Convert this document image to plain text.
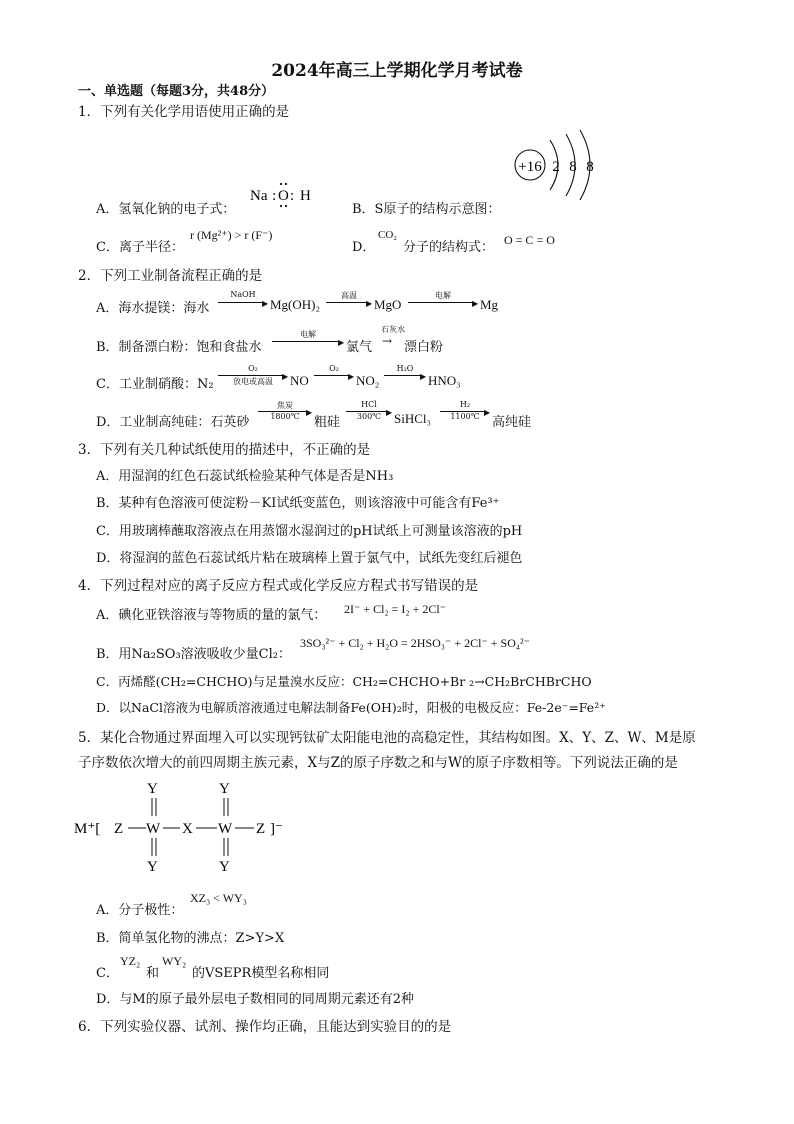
2024年高三上学期化学月考试卷
一、单选题（每题3分，共48分）
1．下列有关化学用语使用正确的是
+16 2 8 8
A．氢氧化钠的电子式：
Na : O : H
B．S原子的结构示意图：
C．离子半径：
r (Mg²⁺) > r (F⁻)
D．
CO₂
分子的结构式： O = C = O
2．下列工业制备流程正确的是
A．海水提镁：海水
NaOH
▶ Mg(OH)₂
高温
▶ MgO
电解
▶ Mg
B．制备漂白粉：饱和食盐水
电解
▶ 氯气
石灰水
→ 漂白粉
C．工业制硝酸：N₂
O₂
▶
放电或高温	NO
O₂
▶ NO₂
H₂O
▶ HNO₃
D．工业制高纯硅：石英砂
焦炭
▶
1800℃	粗硅
HCl
▶
300℃ SiHCl₃
H₂
▶
1100℃ 高纯硅
3．下列有关几种试纸使用的描述中，不正确的是
A．用湿润的红色石蕊试纸检验某种气体是否是NH₃
B．某种有色溶液可使淀粉－KI试纸变蓝色，则该溶液中可能含有Fe³⁺
C．用玻璃棒蘸取溶液点在用蒸馏水湿润过的pH试纸上可测量该溶液的pH
D．将湿润的蓝色石蕊试纸片粘在玻璃棒上置于氯气中，试纸先变红后褪色
4．下列过程对应的离子反应方程式或化学反应方程式书写错误的是
A．碘化亚铁溶液与等物质的量的氯气： 2I⁻ + Cl₂ = I₂ + 2Cl⁻
B．用Na₂SO₃溶液吸收少量Cl₂：
3SO₃²⁻ + Cl₂ + H₂O = 2HSO₃⁻ + 2Cl⁻ + SO₄²⁻
C．丙烯醛(CH₂=CHCHO)与足量溴水反应：CH₂=CHCHO+Br ₂→CH₂BrCHBrCHO
D．以NaCl溶液为电解质溶液通过电解法制备Fe(OH)₂时，阳极的电极反应：Fe-2e⁻=Fe²⁺
5．某化合物通过界面埋入可以实现钙钛矿太阳能电池的高稳定性，其结构如图。X、Y、Z、W、M是原
子序数依次增大的前四周期主族元素，X与Z的原子序数之和与W的原子序数相等。下列说法正确的是
M⁺[ Z W X W Z ]⁻
Y	Y
Y	Y
A．分子极性：
XZ₃ < WY₃
B．简单氢化物的沸点：Z>Y>X
C．
YZ₂
和
WY₂
的VSEPR模型名称相同
D．与M的原子最外层电子数相同的同周期元素还有2种
6．下列实验仪器、试剂、操作均正确，且能达到实验目的的是
